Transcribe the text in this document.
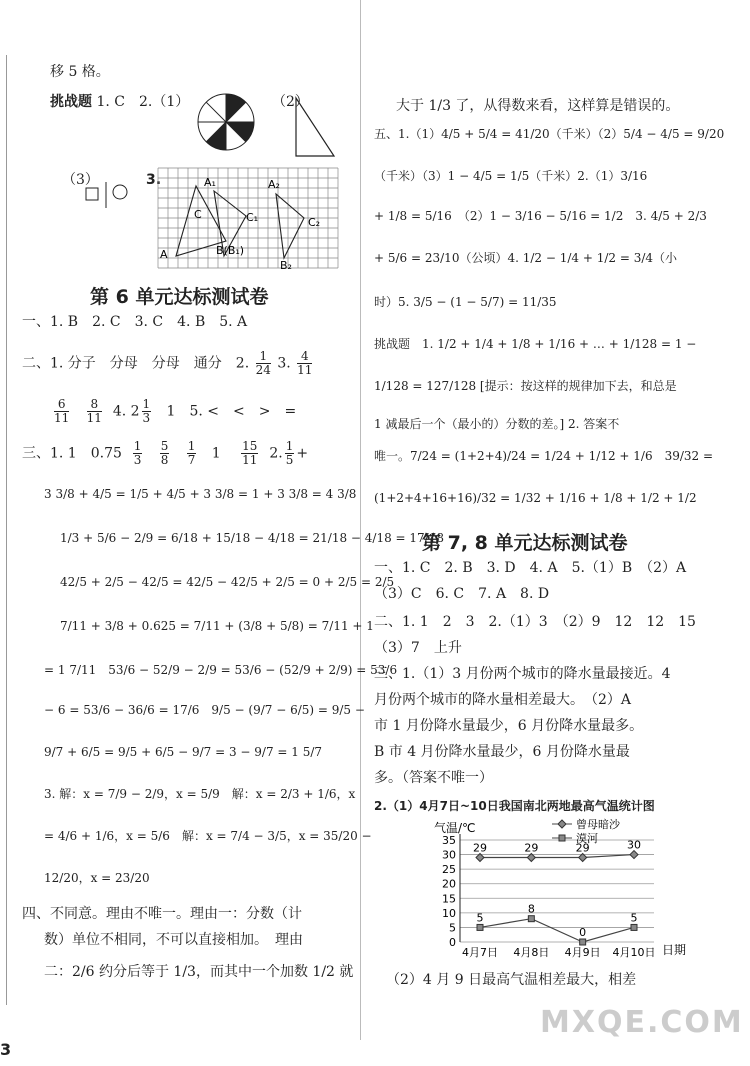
移 5 格。
挑战题 1. C　2.（1）	（2）
（3）	3.	A₁
C
A₂
C₁	C₂
A	B(B₁)
B₂
第 6 单元达标测试卷
一、1. B　2. C　3. C　4. B　5. A
二、1. 分子　分母　分母　通分　2. $\frac{1}{24} 3$. $\frac{4}{11}$
$\frac{6}{11}$
$\frac{8}{11} 4$. $2 \frac{1}{3} 1$　5. <　<　>　=
三、1. 1　$0.75 \frac{1}{3}$
$\frac{5}{8}$
$\frac{1}{7} 1$　 $\frac{15}{11} 2$. $\frac{1}{5}$ +
3 3/8 + 4/5 = 1/5 + 4/5 + 3 3/8 = 1 + 3 3/8 = 4 3/8
1/3 + 5/6 − 2/9 = 6/18 + 15/18 − 4/18 = 21/18 − 4/18 = 17/18
42/5 + 2/5 − 42/5 = 42/5 − 42/5 + 2/5 = 0 + 2/5 = 2/5
7/11 + 3/8 + 0.625 = 7/11 + (3/8 + 5/8) = 7/11 + 1
= 1 7/11　53/6 − 52/9 − 2/9 = 53/6 − (52/9 + 2/9) = 53/6
− 6 = 53/6 − 36/6 = 17/6　9/5 − (9/7 − 6/5) = 9/5 −
9/7 + 6/5 = 9/5 + 6/5 − 9/7 = 3 − 9/7 = 1 5/7
3. 解：x = 7/9 − 2/9，x = 5/9　解：x = 2/3 + 1/6，x
= 4/6 + 1/6，x = 5/6　解：x = 7/4 − 3/5，x = 35/20 −
12/20，x = 23/20
四、不同意。理由不唯一。理由一：分数（计
数）单位不相同，不可以直接相加。　理由
二：2/6 约分后等于 1/3，而其中一个加数 1/2 就
大于 1/3 了，从得数来看，这样算是错误的。
五、1.（1）4/5 + 5/4 = 41/20（千米）（2）5/4 − 4/5 = 9/20
（千米）（3）1 − 4/5 = 1/5（千米）2.（1）3/16
+ 1/8 = 5/16　（2）1 − 3/16 − 5/16 = 1/2　3. 4/5 + 2/3
+ 5/6 = 23/10（公顷）4. 1/2 − 1/4 + 1/2 = 3/4（小
时）5. 3/5 − (1 − 5/7) = 11/35
挑战题　1. 1/2 + 1/4 + 1/8 + 1/16 + … + 1/128 = 1 −
1/128 = 127/128 [提示：按这样的规律加下去，和总是
1 减最后一个（最小的）分数的差。] 2. 答案不
唯一。7/24 = (1+2+4)/24 = 1/24 + 1/12 + 1/6　39/32 =
(1+2+4+16+16)/32 = 1/32 + 1/16 + 1/8 + 1/2 + 1/2
第 7, 8 单元达标测试卷
一、1. C　2. B　3. D　4. A　5.（1）B　（2）A
（3）C　6. C　7. A　8. D
二、1. 1　2　3　2.（1）3　（2）9　12　12　15
（3）7　上升
三、1.（1）3 月份两个城市的降水量最接近。4
月份两个城市的降水量相差最大。　（2）A
市 1 月份降水量最少，6 月份降水量最多。
B 市 4 月份降水量最少，6 月份降水量最
多。（答案不唯一）
2.（1）4月7日~10日我国南北两地最高气温统计图
气温/℃
日期
0
5
10
15
20
25
30
35
4月7日 4月8日 4月9日 4月10日
29	29	29	30
5
8
0
5
曾母暗沙
漠河
（2）4 月 9 日最高气温相差最大，相差
3
MXQE.COM
